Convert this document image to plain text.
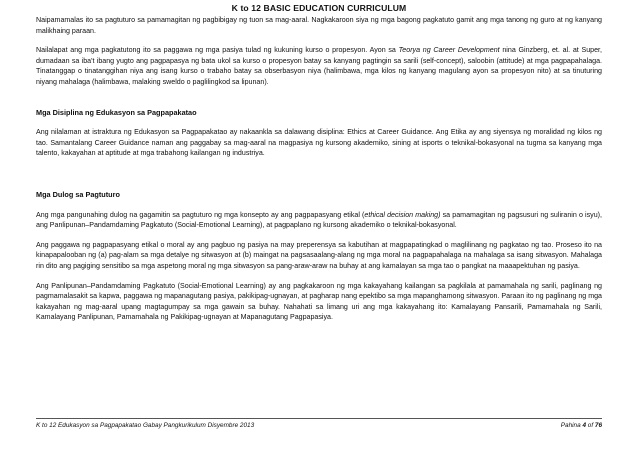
K to 12 BASIC EDUCATION CURRICULUM

Naipamamalas ito sa pagtuturo sa pamamagitan ng pagbibigay ng tuon sa mag-aaral. Nagkakaroon siya ng mga bagong pagkatuto gamit ang mga tanong ng guro at ng kanyang malikhaing paraan.

Nailalapat ang mga pagkatutong ito sa paggawa ng mga pasiya tulad ng kukuning kurso o propesyon. Ayon sa Teorya ng Career Development nina Ginzberg, et. al. at Super, dumadaan sa iba't ibang yugto ang pagpapasya ng bata ukol sa kurso o propesyon batay sa kanyang pagtingin sa sarili (self-concept), saloobin (attitude) at mga pagpapahalaga. Tinatanggap o tinatanggihan niya ang isang kurso o trabaho batay sa obserbasyon niya (halimbawa, mga kilos ng kanyang magulang ayon sa propesyon nito) at sa tinuturing niyang mahalaga (halimbawa, malaking sweldo o paglilingkod sa lipunan).

Mga Disiplina ng Edukasyon sa Pagpapakatao

Ang nilalaman at istraktura ng Edukasyon sa Pagpapakatao ay nakaankla sa dalawang disiplina: Ethics at Career Guidance. Ang Etika ay ang siyensya ng moralidad ng kilos ng tao. Samantalang Career Guidance naman ang paggabay sa mag-aaral na magpasiya ng kursong akademiko, sining at isports o teknikal-bokasyonal na tugma sa kanyang mga talento, kakayahan at aptitude at mga trabahong kailangan ng industriya.

Mga Dulog sa Pagtuturo

Ang mga pangunahing dulog na gagamitin sa pagtuturo ng mga konsepto ay ang pagpapasyang etikal (ethical decision making) sa pamamagitan ng pagsusuri ng suliranin o isyu), ang Panlipunan–Pandamdaming Pagkatuto (Social-Emotional Learning), at pagpaplano ng kursong akademiko o teknikal-bokasyonal.

Ang paggawa ng pagpapasyang etikal o moral ay ang pagbuo ng pasiya na may preperensya sa kabutihan at magpapatingkad o maglilinang ng pagkatao ng tao. Proseso ito na kinapapalooban ng (a) pag-alam sa mga detalye ng sitwasyon at (b) maingat na pagsasaalang-alang ng mga moral na pagpapahalaga na mahalaga sa isang sitwasyon. Mahalaga rin dito ang pagiging sensitibo sa mga aspetong moral ng mga sitwasyon sa pang-araw-araw na buhay at ang kamalayan sa mga tao o pangkat na maaapektuhan ng pasiya.

Ang Panlipunan–Pandamdaming Pagkatuto (Social-Emotional Learning) ay ang pagkakaroon ng mga kakayahang kailangan sa pagkilala at pamamahala ng sarili, paglinang ng pagmamalasakit sa kapwa, paggawa ng mapanagutang pasiya, pakikipag-ugnayan, at pagharap nang epektibo sa mga mapanghamong sitwasyon. Paraan ito ng paglinang ng mga kakayahan ng mag-aaral upang magtagumpay sa mga gawain sa buhay. Nahahati sa limang uri ang mga kakayahang ito: Kamalayang Pansarili, Pamamahala ng Sarili, Kamalayang Panlipunan, Pamamahala ng Pakikipag-ugnayan at Mapanagutang Pagpapasiya.

K to 12 Edukasyon sa Pagpapakatao Gabay Pangkurikulum Disyembre 2013	Pahina 4 of 76
